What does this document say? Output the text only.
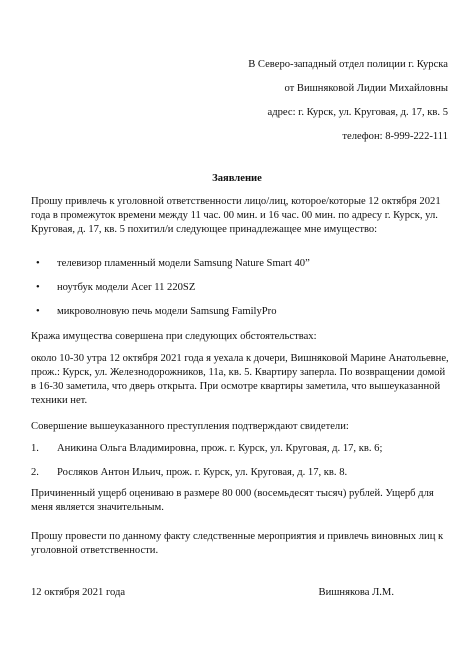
В Северо-западный отдел полиции г. Курска
от Вишняковой Лидии Михайловны
адрес: г. Курск, ул. Круговая, д. 17, кв. 5
телефон: 8-999-222-111
Заявление
Прошу привлечь к уголовной ответственности лицо/лиц, которое/которые 12 октября 2021 года в промежуток времени между 11 час. 00 мин. и 16 час. 00 мин. по адресу г. Курск, ул. Круговая, д. 17, кв. 5 похитил/и следующее принадлежащее мне имущество:
• телевизор пламенный модели Samsung Nature Smart 40”
• ноутбук модели Acer 11 220SZ
• микроволновую печь модели Samsung FamilyPro
Кража имущества совершена при следующих обстоятельствах:
около 10-30 утра 12 октября 2021 года я уехала к дочери, Вишняковой Марине Анатольевне, прож.: Курск, ул. Железнодорожников, 11а, кв. 5. Квартиру заперла. По возвращении домой в 16-30 заметила, что дверь открыта. При осмотре квартиры заметила, что вышеуказанной техники нет.
Совершение вышеуказанного преступления подтверждают свидетели:
1. Аникина Ольга Владимировна, прож. г. Курск, ул. Круговая, д. 17, кв. 6;
2. Росляков Антон Ильич, прож. г. Курск, ул. Круговая, д. 17, кв. 8.
Причиненный ущерб оцениваю в размере 80 000 (восемьдесят тысяч) рублей. Ущерб для меня является значительным.
Прошу провести по данному факту следственные мероприятия и привлечь виновных лиц к уголовной ответственности.
12 октября 2021 года	Вишнякова Л.М.
